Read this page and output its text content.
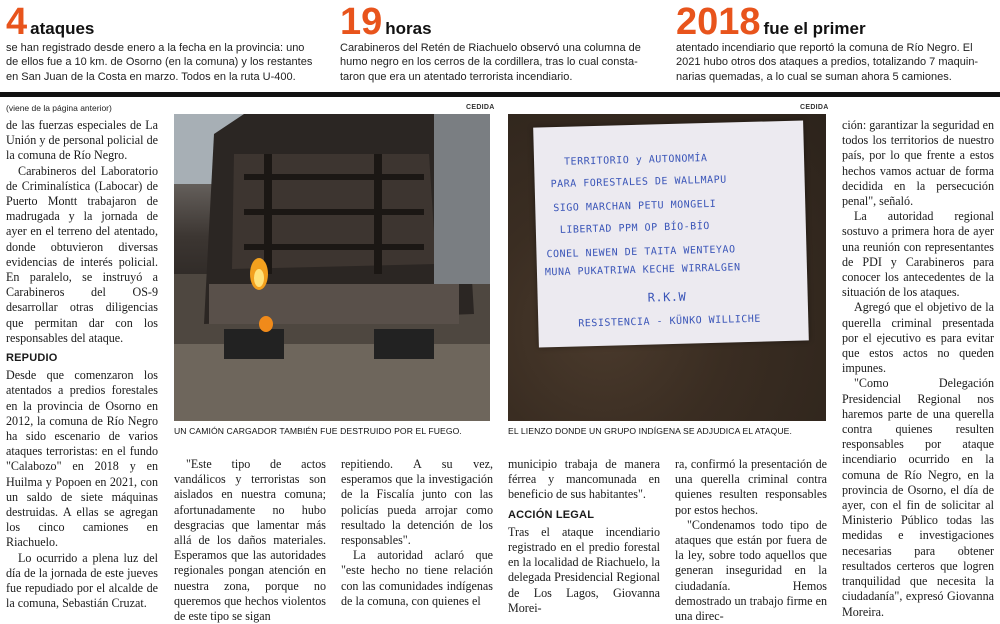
4 ataques
se han registrado desde enero a la fecha en la provincia: uno
de ellos fue a 10 km. de Osorno (en la comuna) y los restantes
en San Juan de la Costa en marzo. Todos en la ruta U-400.
19 horas
Carabineros del Retén de Riachuelo observó una columna de
humo negro en los cerros de la cordillera, tras lo cual consta-
taron que era un atentado terrorista incendiario.
2018 fue el primer
atentado incendiario que reportó la comuna de Río Negro. El
2021 hubo otros dos ataques a predios, totalizando 7 maquin-
narias quemadas, a lo cual se suman ahora 5 camiones.
(viene de la página anterior)	CEDIDA	CEDIDA

de las fuerzas especiales de La Unión y de personal policial de la comuna de Río Negro.

Carabineros del Laboratorio de Criminalística (Labocar) de Puerto Montt trabajaron de madrugada y la jornada de ayer en el terreno del atentado, donde obtuvieron diversas evidencias de interés policial. En paralelo, se instruyó a Carabineros del OS-9 desarrollar otras diligencias que permitan dar con los responsables del ataque.

REPUDIO

Desde que comenzaron los atentados a predios forestales en la provincia de Osorno en 2012, la comuna de Río Negro ha sido escenario de varios ataques terroristas: en el fundo "Calabozo" en 2018 y en Huilma y Popoen en 2021, con un saldo de siete máquinas destruidas. A ellas se agregan los cinco camiones en Riachuelo.

Lo ocurrido a plena luz del día de la jornada de este jueves fue repudiado por el alcalde de la comuna, Sebastián Cruzat.

UN CAMIÓN CARGADOR TAMBIÉN FUE DESTRUIDO POR EL FUEGO.
TERRITORIO y AUTONOMÍA
PARA FORESTALES DE WALLMAPU
SIGO MARCHAN PETU MONGELI
LIBERTAD PPM OP BÍO-BÍO
CONEL NEWEN DE TAITA WENTEYAO
MUNA PUKATRIWA KECHE WIRRALGEN
R.K.W
RESISTENCIA - KÜNKO WILLICHE
EL LIENZO DONDE UN GRUPO INDÍGENA SE ADJUDICA EL ATAQUE.

"Este tipo de actos vandálicos y terroristas son aislados en nuestra comuna; afortunadamente no hubo desgracias que lamentar más allá de los daños materiales. Esperamos que las autoridades regionales pongan atención en nuestra zona, porque no queremos que hechos violentos de este tipo se sigan

repitiendo. A su vez, esperamos que la investigación de la Fiscalía junto con las policías pueda arrojar como resultado la detención de los responsables".

La autoridad aclaró que "este hecho no tiene relación con las comunidades indígenas de la comuna, con quienes el

municipio trabaja de manera férrea y mancomunada en beneficio de sus habitantes".

ACCIÓN LEGAL

Tras el ataque incendiario registrado en el predio forestal en la localidad de Riachuelo, la delegada Presidencial Regional de Los Lagos, Giovanna Morei-

ra, confirmó la presentación de una querella criminal contra quienes resulten responsables por estos hechos.

"Condenamos todo tipo de ataques que están por fuera de la ley, sobre todo aquellos que generan inseguridad en la ciudadanía. Hemos demostrado un trabajo firme en una direc-

ción: garantizar la seguridad en todos los territorios de nuestro país, por lo que frente a estos hechos vamos actuar de forma decidida en la persecución penal", señaló.

La autoridad regional sostuvo a primera hora de ayer una reunión con representantes de PDI y Carabineros para conocer los antecedentes de la situación de los ataques.

Agregó que el objetivo de la querella criminal presentada por el ejecutivo es para evitar que estos actos no queden impunes.

"Como Delegación Presidencial Regional nos haremos parte de una querella contra quienes resulten responsables por ataque incendiario ocurrido en la comuna de Río Negro, en la provincia de Osorno, el día de ayer, con el fin de solicitar al Ministerio Público todas las medidas e investigaciones necesarias para obtener resultados certeros que logren tranquilidad que necesita la ciudadanía", expresó Giovanna Moreira.
